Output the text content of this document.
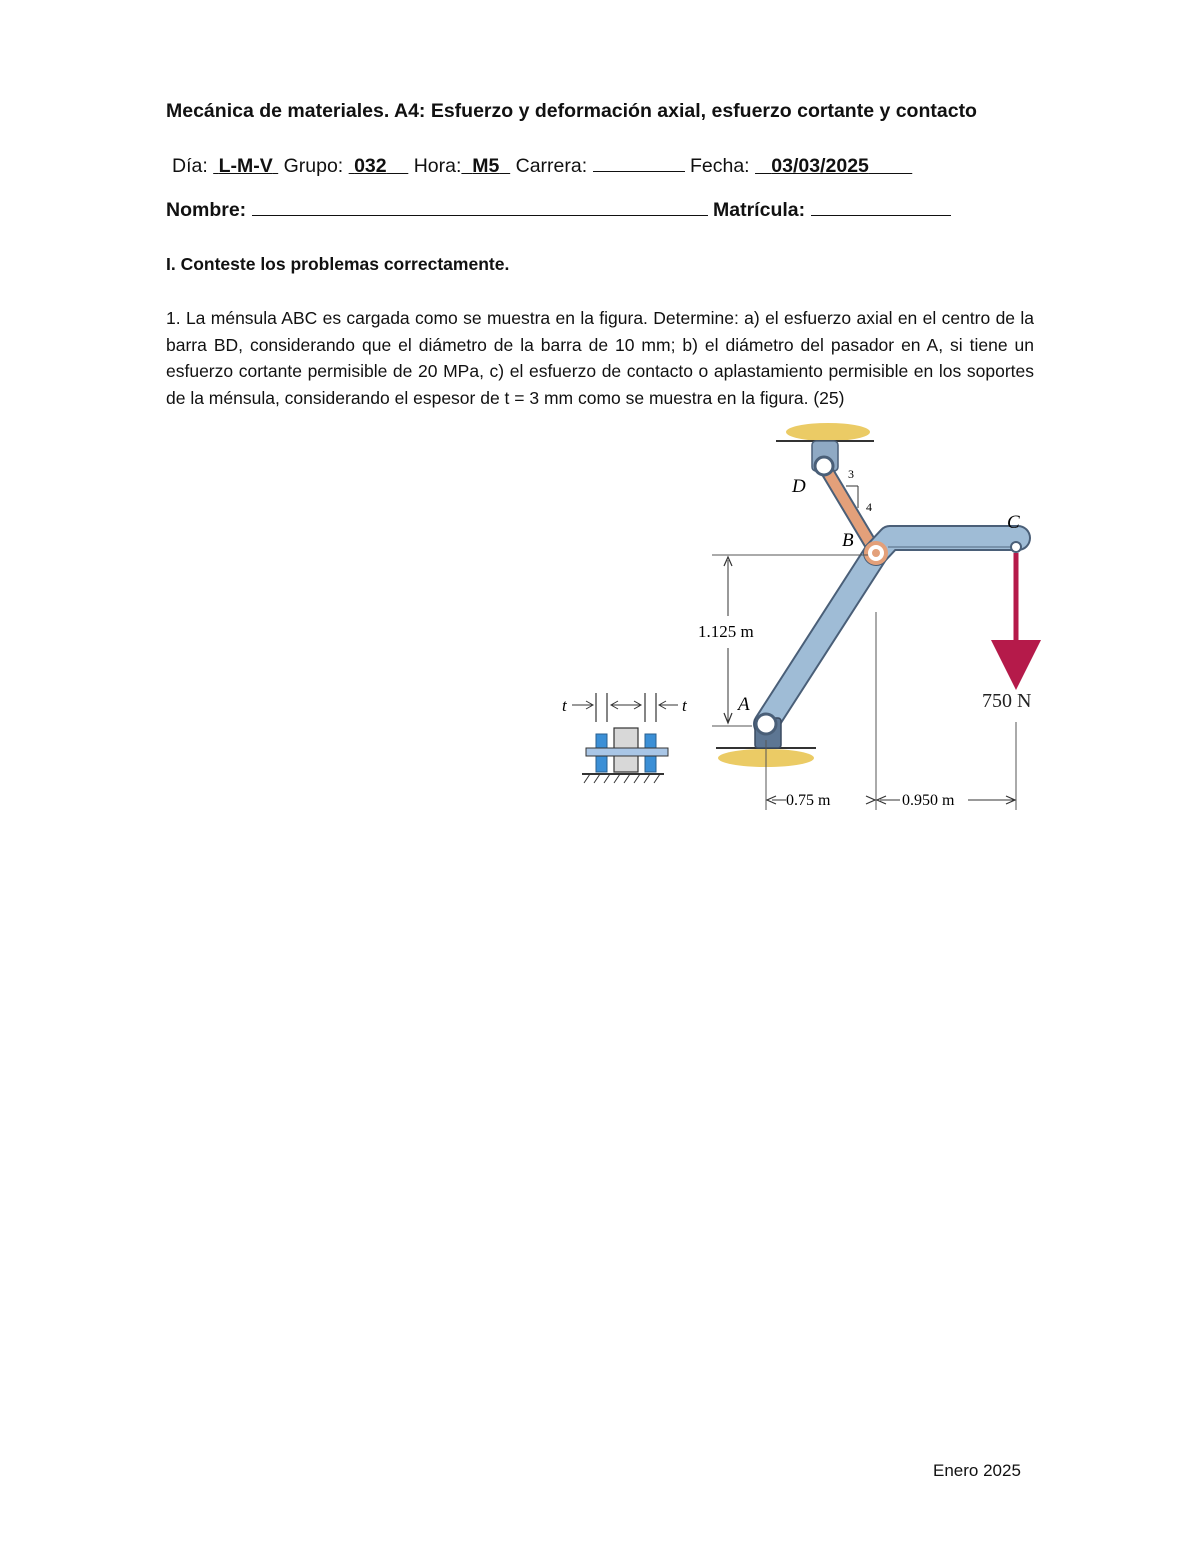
Mecánica de materiales. A4: Esfuerzo y deformación axial, esfuerzo cortante y contacto
Día: L-M-V Grupo: 032 Hora: M5 Carrera:	Fecha: 03/03/2025
Nombre:	Matrícula:
I. Conteste los problemas correctamente.
1. La ménsula ABC es cargada como se muestra en la figura. Determine: a) el esfuerzo axial en el centro de la barra BD, considerando que el diámetro de la barra de 10 mm; b) el diámetro del pasador en A, si tiene un esfuerzo cortante permisible de 20 MPa, c) el esfuerzo de contacto o aplastamiento permisible en los soportes de la ménsula, considerando el espesor de t = 3 mm como se muestra en la figura. (25)
3
4
750 N
D
B
C
A
1.125 m
0.75 m	0.950 m
t	t
Enero 2025
